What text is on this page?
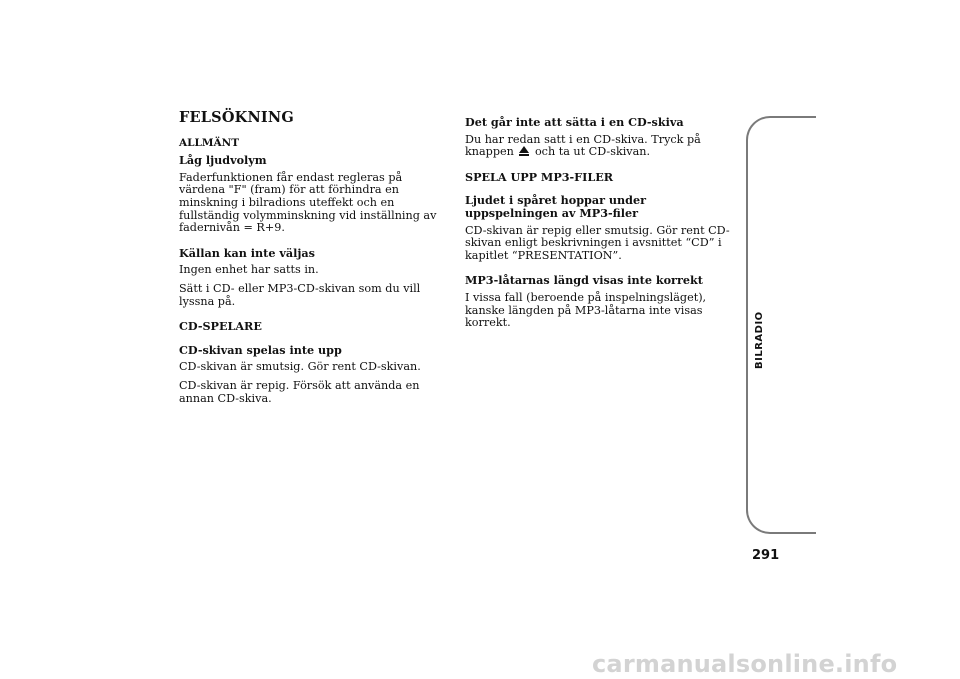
FELSÖKNING
ALLMÄNT
Låg ljudvolym
Faderfunktionen får endast regleras på värdena "F" (fram) för att förhindra en minskning i bilradions uteffekt och en fullständig volymminskning vid inställning av fadernivån = R+9.
Källan kan inte väljas
Ingen enhet har satts in.
Sätt i CD- eller MP3-CD-skivan som du vill lyssna på.
CD-SPELARE
CD-skivan spelas inte upp
CD-skivan är smutsig. Gör rent CD-skivan.
CD-skivan är repig. Försök att använda en annan CD-skiva.
Det går inte att sätta i en CD-skiva
Du har redan satt i en CD-skiva. Tryck på knappen och ta ut CD-skivan.
SPELA UPP MP3-FILER
Ljudet i spåret hoppar under uppspelningen av MP3-filer
CD-skivan är repig eller smutsig. Gör rent CD-skivan enligt beskrivningen i avsnittet “CD” i kapitlet “PRESENTATION”.
MP3-låtarnas längd visas inte korrekt
I vissa fall (beroende på inspelningsläget), kanske längden på MP3-låtarna inte visas korrekt.	BILRADIO
291
carmanualsonline.info
